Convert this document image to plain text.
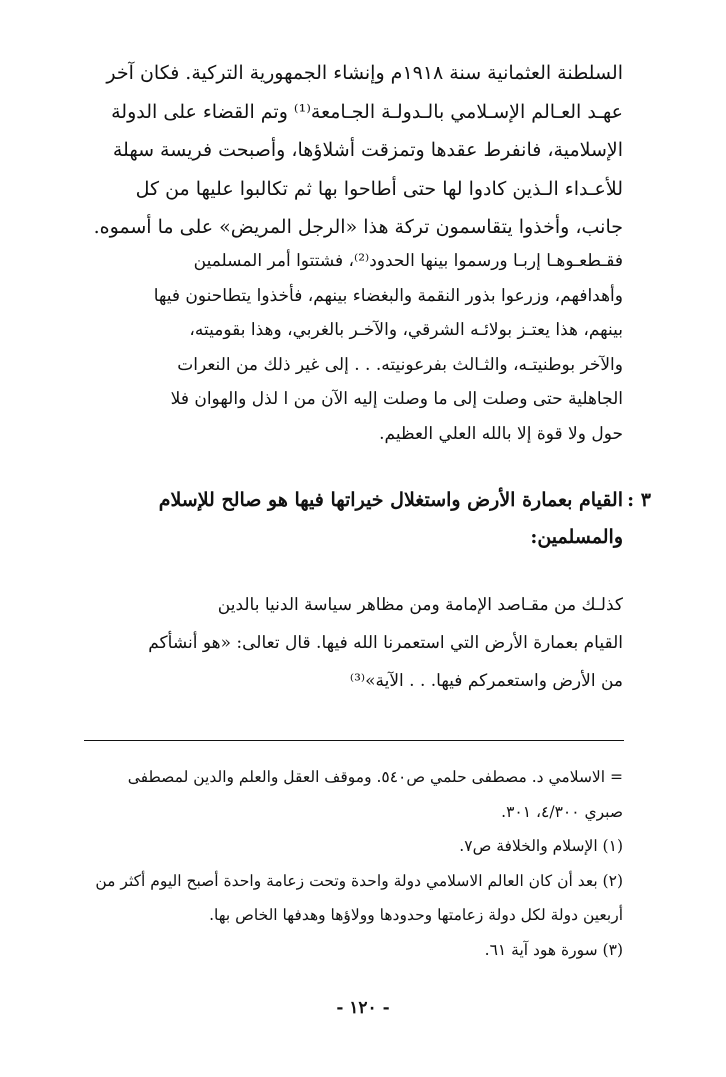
السلطنة العثمانية سنة ١٩١٨م وإنشاء الجمهورية التركية. فكان آخر
عهـد العـالم الإسـلامي بالـدولـة الجـامعة⁽¹⁾ وتم القضاء على الدولة
الإسلامية، فانفرط عقدها وتمزقت أشلاؤها، وأصبحت فريسة سهلة
للأعـداء الـذين كادوا لها حتى أطاحوا بها ثم تكالبوا عليها من كل
جانب، وأخذوا يتقاسمون تركة هذا «الرجل المريض» على ما أسموه.
فقـطعـوهـا إربـا ورسموا بينها الحدود⁽²⁾، فشتتوا أمر المسلمين
وأهدافهم، وزرعوا بذور النقمة والبغضاء بينهم، فأخذوا يتطاحنون فيها
بينهم، هذا يعتـز بولائـه الشرقي، والآخـر بالغربي، وهذا بقوميته،
والآخر بوطنيتـه، والثـالث بفرعونيته. . . إلى غير ذلك من النعرات
الجاهلية حتى وصلت إلى ما وصلت إليه الآن من ا لذل والهوان فلا
حول ولا قوة إلا بالله العلي العظيم.
٣ :
القيام بعمارة الأرض واستغلال خيراتها فيها هو صالح للإسلام
والمسلمين:
كذلـك من مقـاصد الإمامة ومن مظاهر سياسة الدنيا بالدين
القيام بعمارة الأرض التي استعمرنا الله فيها. قال تعالى: «هو أنشأكم
من الأرض واستعمركم فيها. . . الآية»⁽³⁾
= الاسلامي د. مصطفى حلمي ص٥٤٠. وموقف العقل والعلم والدين لمصطفى
صبري ٤/٣٠٠، ٣٠١.
(١) الإسلام والخلافة ص٧.
(٢) بعد أن كان العالم الاسلامي دولة واحدة وتحت زعامة واحدة أصبح اليوم أكثر من
أربعين دولة لكل دولة زعامتها وحدودها وولاؤها وهدفها الخاص بها.
(٣) سورة هود آية ٦١.
- ١٢٠ -
